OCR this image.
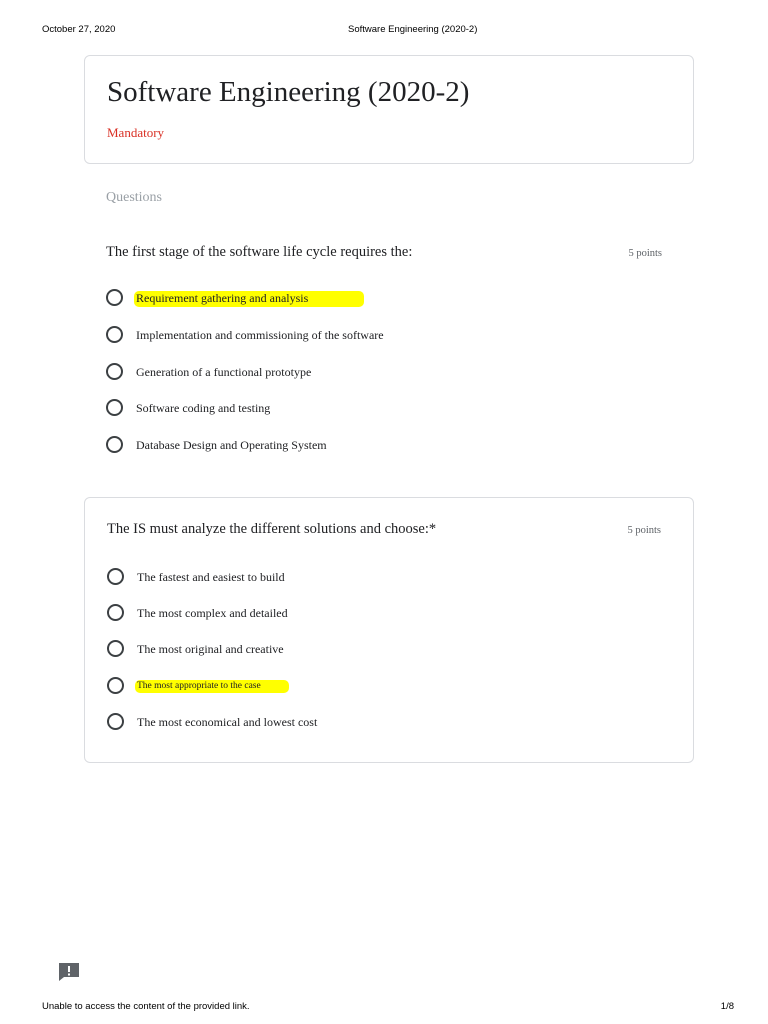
October 27, 2020	Software Engineering (2020-2)
Software Engineering (2020-2)
Mandatory
Questions
The first stage of the software life cycle requires the:	5 points
Requirement gathering and analysis
Implementation and commissioning of the software
Generation of a functional prototype
Software coding and testing
Database Design and Operating System
The IS must analyze the different solutions and choose:*	5 points
The fastest and easiest to build
The most complex and detailed
The most original and creative
The most appropriate to the case
The most economical and lowest cost
Unable to access the content of the provided link.	1/8
